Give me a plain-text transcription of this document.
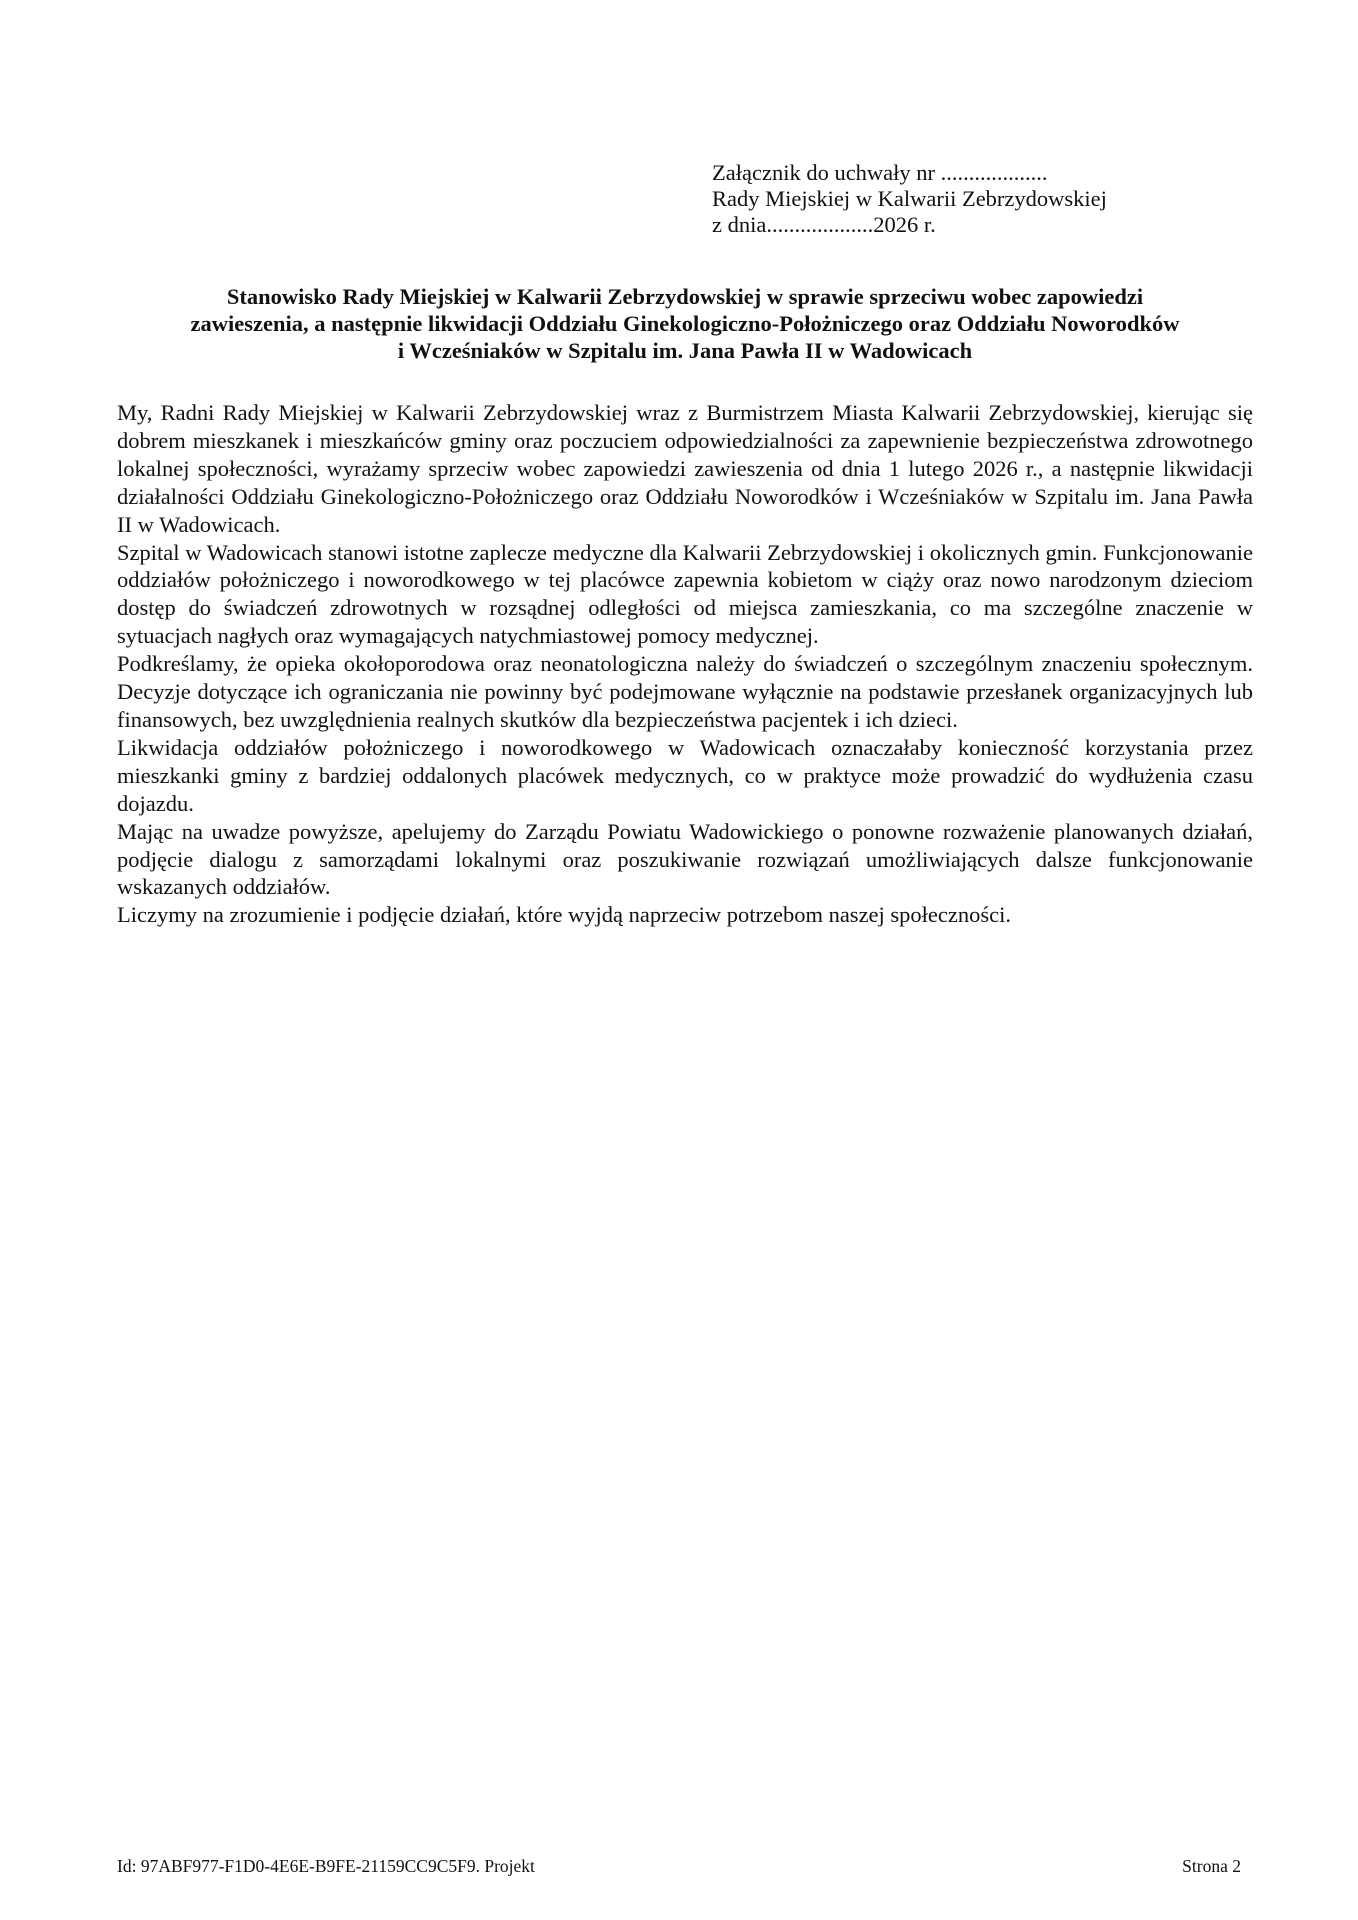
Załącznik do uchwały nr ...................
Rady Miejskiej w Kalwarii Zebrzydowskiej
z dnia...................2026 r.
Stanowisko Rady Miejskiej w Kalwarii Zebrzydowskiej w sprawie sprzeciwu wobec zapowiedzi
zawieszenia, a następnie likwidacji Oddziału Ginekologiczno-Położniczego oraz Oddziału Noworodków
i Wcześniaków w Szpitalu im. Jana Pawła II w Wadowicach

My, Radni Rady Miejskiej w Kalwarii Zebrzydowskiej wraz z Burmistrzem Miasta Kalwarii Zebrzydowskiej, kierując się dobrem mieszkanek i mieszkańców gminy oraz poczuciem odpowiedzialności za zapewnienie bezpieczeństwa zdrowotnego lokalnej społeczności, wyrażamy sprzeciw wobec zapowiedzi zawieszenia od dnia 1 lutego 2026 r., a następnie likwidacji działalności Oddziału Ginekologiczno-Położniczego oraz Oddziału Noworodków i Wcześniaków w Szpitalu im. Jana Pawła II w Wadowicach.

Szpital w Wadowicach stanowi istotne zaplecze medyczne dla Kalwarii Zebrzydowskiej i okolicznych gmin. Funkcjonowanie oddziałów położniczego i noworodkowego w tej placówce zapewnia kobietom w ciąży oraz nowo narodzonym dzieciom dostęp do świadczeń zdrowotnych w rozsądnej odległości od miejsca zamieszkania, co ma szczególne znaczenie w sytuacjach nagłych oraz wymagających natychmiastowej pomocy medycznej.

Podkreślamy, że opieka okołoporodowa oraz neonatologiczna należy do świadczeń o szczególnym znaczeniu społecznym. Decyzje dotyczące ich ograniczania nie powinny być podejmowane wyłącznie na podstawie przesłanek organizacyjnych lub finansowych, bez uwzględnienia realnych skutków dla bezpieczeństwa pacjentek i ich dzieci.

Likwidacja oddziałów położniczego i noworodkowego w Wadowicach oznaczałaby konieczność korzystania przez mieszkanki gminy z bardziej oddalonych placówek medycznych, co w praktyce może prowadzić do wydłużenia czasu dojazdu.

Mając na uwadze powyższe, apelujemy do Zarządu Powiatu Wadowickiego o ponowne rozważenie planowanych działań, podjęcie dialogu z samorządami lokalnymi oraz poszukiwanie rozwiązań umożliwiających dalsze funkcjonowanie wskazanych oddziałów.

Liczymy na zrozumienie i podjęcie działań, które wyjdą naprzeciw potrzebom naszej społeczności.

Id: 97ABF977-F1D0-4E6E-B9FE-21159CC9C5F9. Projekt	Strona 2
